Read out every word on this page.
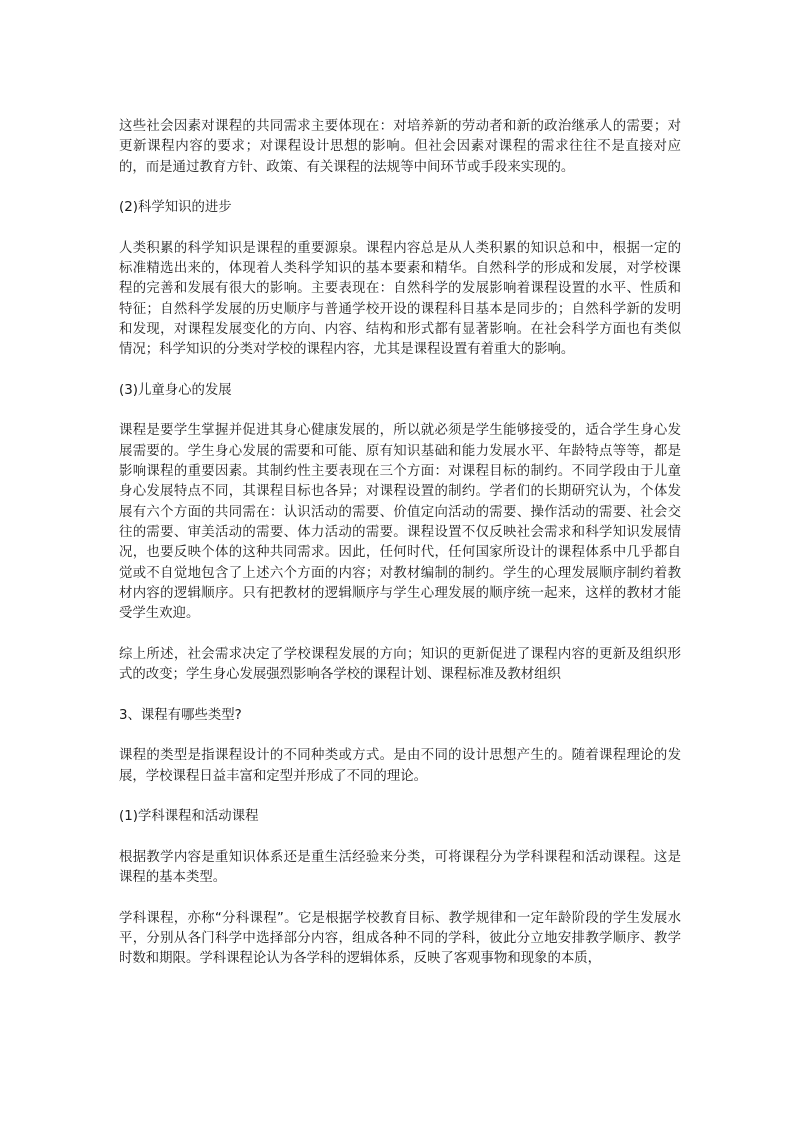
这些社会因素对课程的共同需求主要体现在：对培养新的劳动者和新的政治继承人的需要；对更新课程内容的要求；对课程设计思想的影响。但社会因素对课程的需求往往不是直接对应的，而是通过教育方针、政策、有关课程的法规等中间环节或手段来实现的。

(2)科学知识的进步

人类积累的科学知识是课程的重要源泉。课程内容总是从人类积累的知识总和中，根据一定的标准精选出来的，体现着人类科学知识的基本要素和精华。自然科学的形成和发展，对学校课程的完善和发展有很大的影响。主要表现在：自然科学的发展影响着课程设置的水平、性质和特征；自然科学发展的历史顺序与普通学校开设的课程科目基本是同步的；自然科学新的发明和发现，对课程发展变化的方向、内容、结构和形式都有显著影响。在社会科学方面也有类似情况；科学知识的分类对学校的课程内容，尤其是课程设置有着重大的影响。

(3)儿童身心的发展

课程是要学生掌握并促进其身心健康发展的，所以就必须是学生能够接受的，适合学生身心发展需要的。学生身心发展的需要和可能、原有知识基础和能力发展水平、年龄特点等等，都是影响课程的重要因素。其制约性主要表现在三个方面：对课程目标的制约。不同学段由于儿童身心发展特点不同，其课程目标也各异；对课程设置的制约。学者们的长期研究认为，个体发展有六个方面的共同需在：认识活动的需要、价值定向活动的需要、操作活动的需要、社会交往的需要、审美活动的需要、体力活动的需要。课程设置不仅反映社会需求和科学知识发展情况，也要反映个体的这种共同需求。因此，任何时代，任何国家所设计的课程体系中几乎都自觉或不自觉地包含了上述六个方面的内容；对教材编制的制约。学生的心理发展顺序制约着教材内容的逻辑顺序。只有把教材的逻辑顺序与学生心理发展的顺序统一起来，这样的教材才能受学生欢迎。

综上所述，社会需求决定了学校课程发展的方向；知识的更新促进了课程内容的更新及组织形式的改变；学生身心发展强烈影响各学校的课程计划、课程标准及教材组织

3、课程有哪些类型?

课程的类型是指课程设计的不同种类或方式。是由不同的设计思想产生的。随着课程理论的发展，学校课程日益丰富和定型并形成了不同的理论。

(1)学科课程和活动课程

根据教学内容是重知识体系还是重生活经验来分类，可将课程分为学科课程和活动课程。这是课程的基本类型。

学科课程，亦称“分科课程”。它是根据学校教育目标、教学规律和一定年龄阶段的学生发展水平，分别从各门科学中选择部分内容，组成各种不同的学科，彼此分立地安排教学顺序、教学时数和期限。学科课程论认为各学科的逻辑体系，反映了客观事物和现象的本质，
